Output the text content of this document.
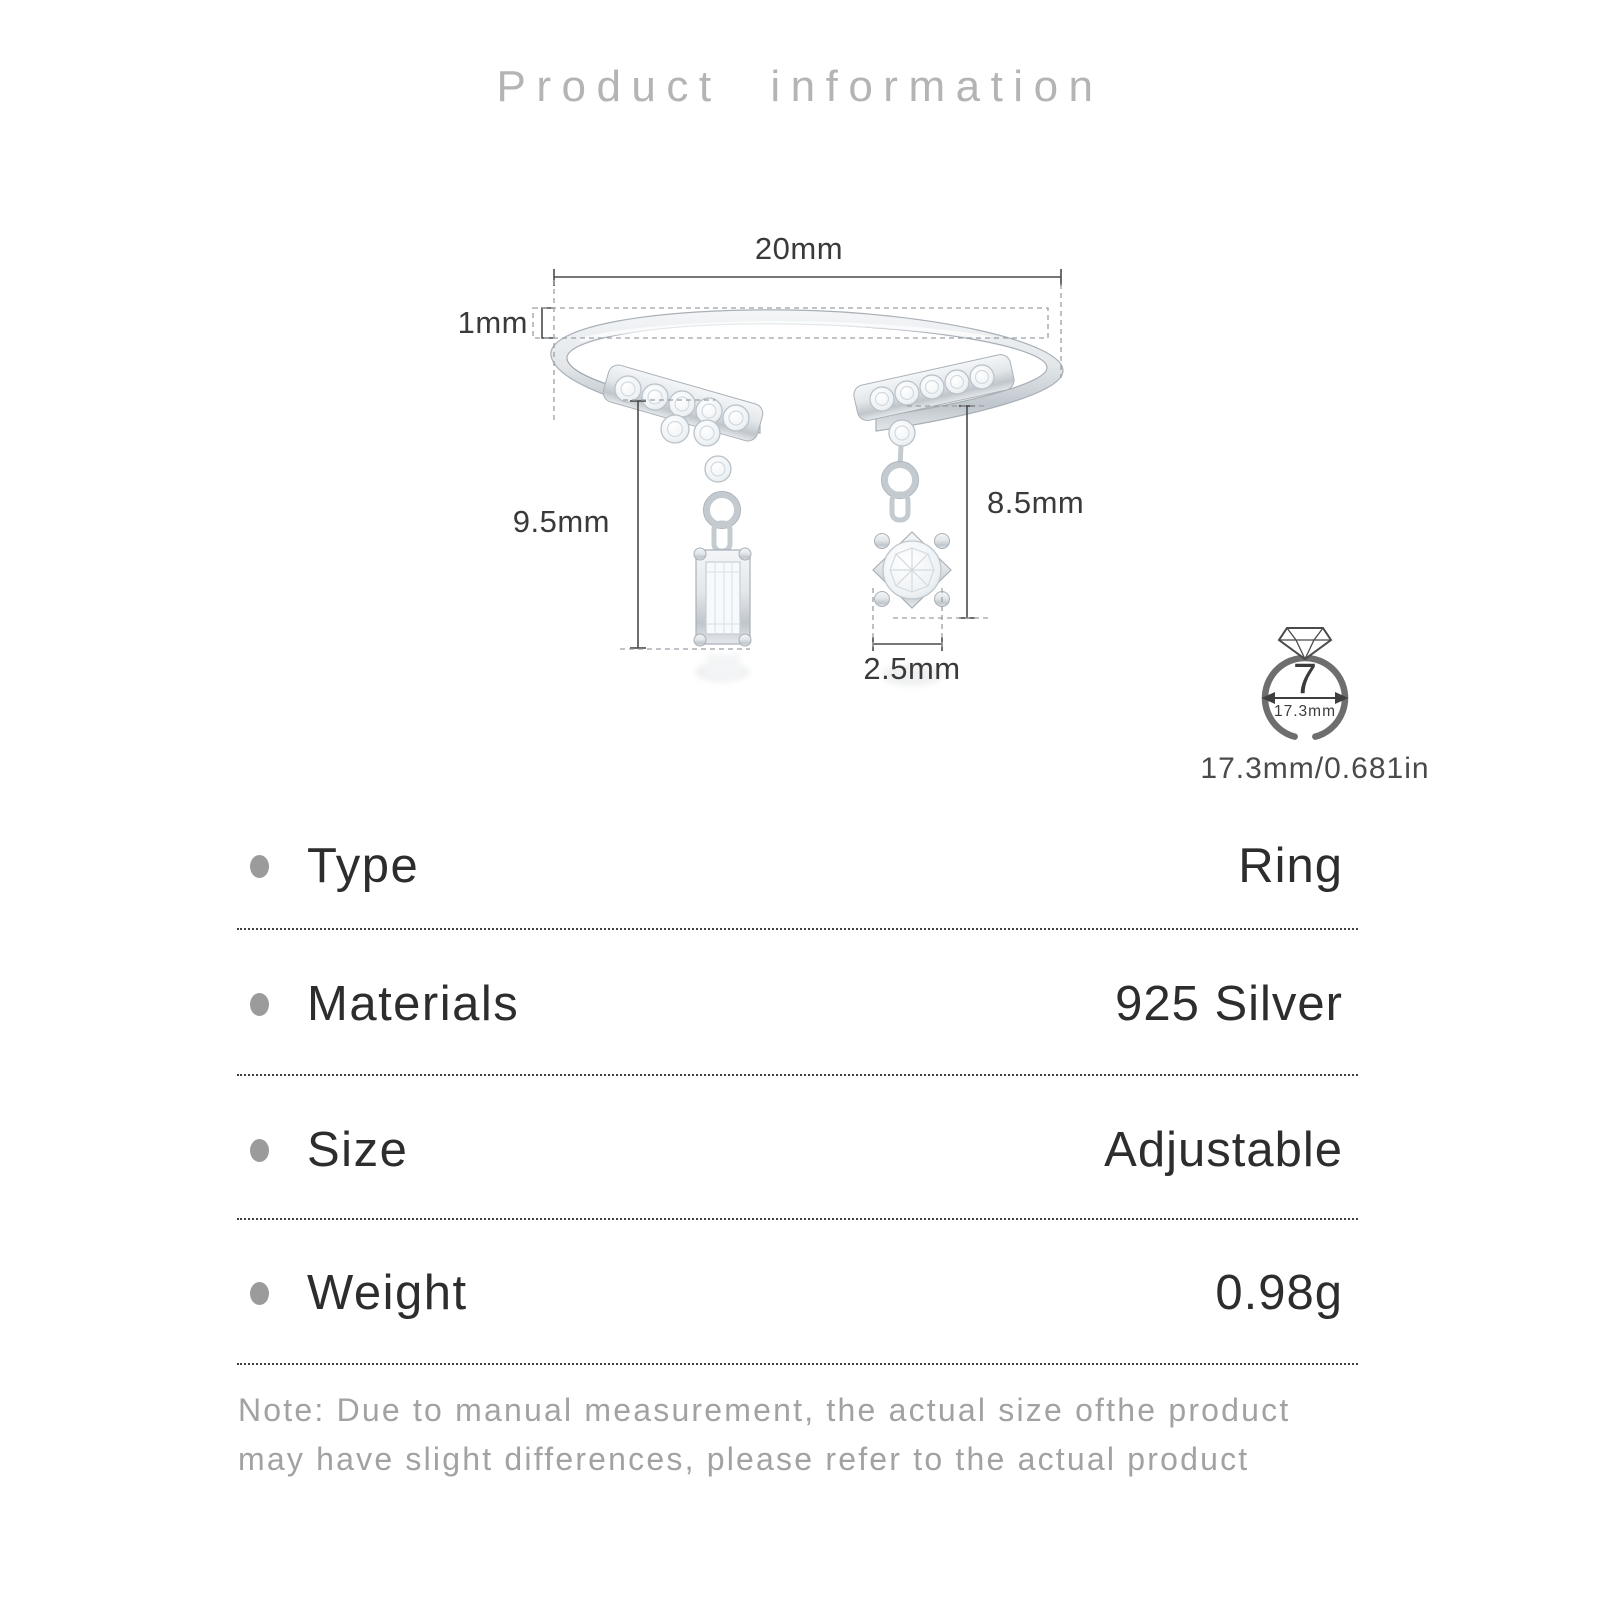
Product information
20mm
1mm
9.5mm
8.5mm
2.5mm	7
17.3mm
17.3mm/0.681in
Type	Ring
Materials	925 Silver
Size	Adjustable
Weight	0.98g
Note: Due to manual measurement, the actual size ofthe product
may have slight differences, please refer to the actual product
